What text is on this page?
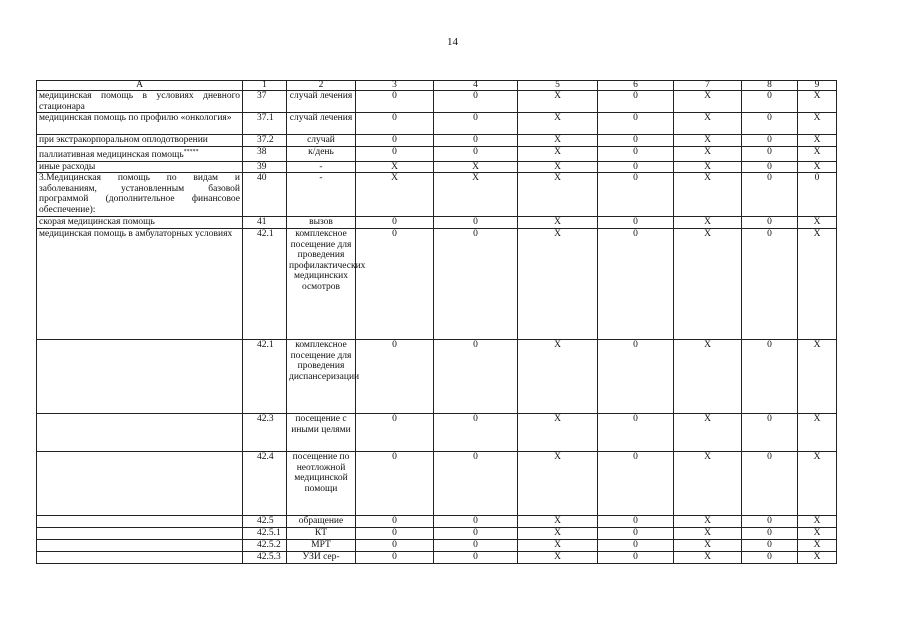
14
А	1	2	3	4	5	6	7	8	9
медицинская помощь в условиях дневного стационара	37	случай лечения	0	0	X	0	X	0	X
медицинская помощь по профилю «онкология»	37.1	случай лечения	0	0	X	0	X	0	X
при экстракорпоральном оплодотворении	37.2	случай	0	0	X	0	X	0	X
паллиативная медицинская помощь*****	38	к/день	0	0	X	0	X	0	X
иные расходы	39	-	X	X	X	0	X	0	X
3.Медицинская помощь по видам и заболеваниям, установленным базовой программой (дополнительное финансовое обеспечение):	40	-	X	X	X	0	X	0	0
скорая медицинская помощь	41	вызов	0	0	X	0	X	0	X
медицинская помощь в амбулаторных условиях	42.1	комплексное посещение для проведения профилактических медицинских осмотров	0	0	X	0	X	0	X
	42.1	комплексное посещение для проведения диспансеризации	0	0	X	0	X	0	X
	42.3	посещение с иными целями	0	0	X	0	X	0	X
	42.4	посещение по неотложной медицинской помощи	0	0	X	0	X	0	X
	42.5	обращение	0	0	X	0	X	0	X
	42.5.1	КТ	0	0	X	0	X	0	X
	42.5.2	МРТ	0	0	X	0	X	0	X
	42.5.3	УЗИ сер-	0	0	X	0	X	0	X
